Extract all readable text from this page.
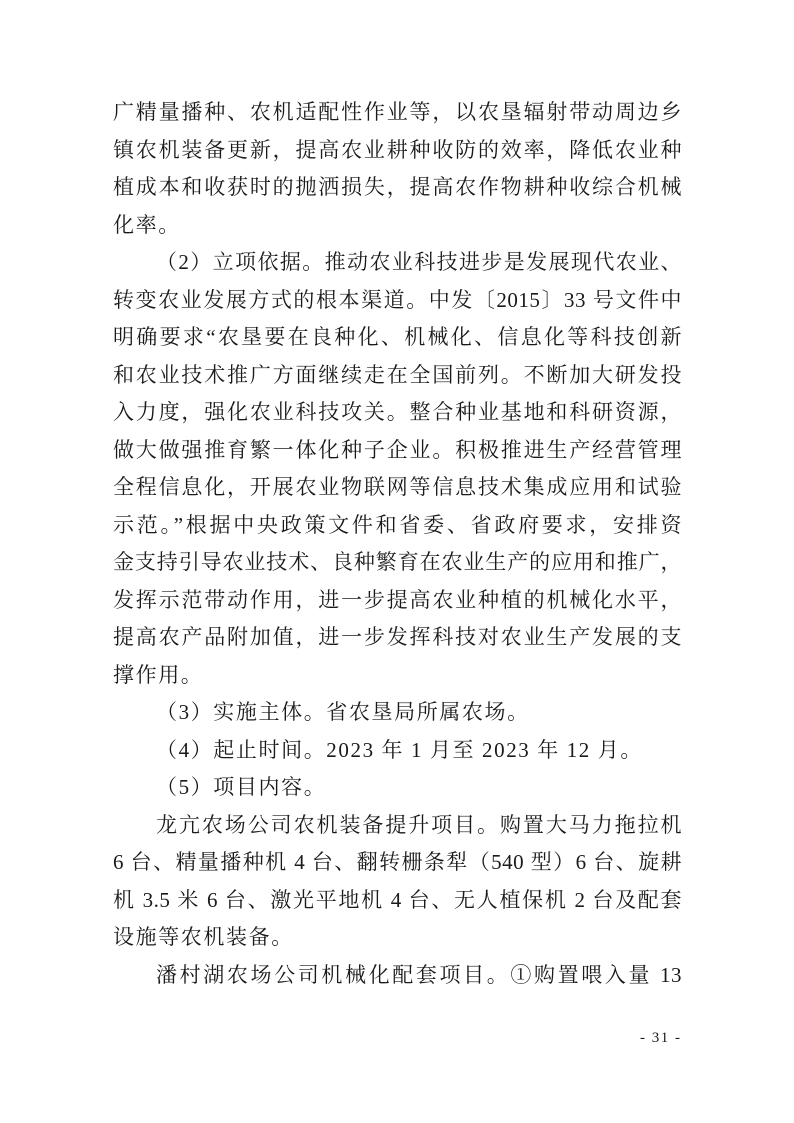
广精量播种、农机适配性作业等，以农垦辐射带动周边乡
镇农机装备更新，提高农业耕种收防的效率，降低农业种
植成本和收获时的抛洒损失，提高农作物耕种收综合机械
化率。
（2）立项依据。推动农业科技进步是发展现代农业、
转变农业发展方式的根本渠道。中发〔2015〕33 号文件中
明确要求“农垦要在良种化、机械化、信息化等科技创新
和农业技术推广方面继续走在全国前列。不断加大研发投
入力度，强化农业科技攻关。整合种业基地和科研资源，
做大做强推育繁一体化种子企业。积极推进生产经营管理
全程信息化，开展农业物联网等信息技术集成应用和试验
示范。”根据中央政策文件和省委、省政府要求，安排资
金支持引导农业技术、良种繁育在农业生产的应用和推广，
发挥示范带动作用，进一步提高农业种植的机械化水平，
提高农产品附加值，进一步发挥科技对农业生产发展的支
撑作用。
（3）实施主体。省农垦局所属农场。
（4）起止时间。2023 年 1 月至 2023 年 12 月。
（5）项目内容。
龙亢农场公司农机装备提升项目。购置大马力拖拉机
6 台、精量播种机 4 台、翻转栅条犁（540 型）6 台、旋耕
机 3.5 米 6 台、激光平地机 4 台、无人植保机 2 台及配套
设施等农机装备。
潘村湖农场公司机械化配套项目。①购置喂入量 13
- 31 -
